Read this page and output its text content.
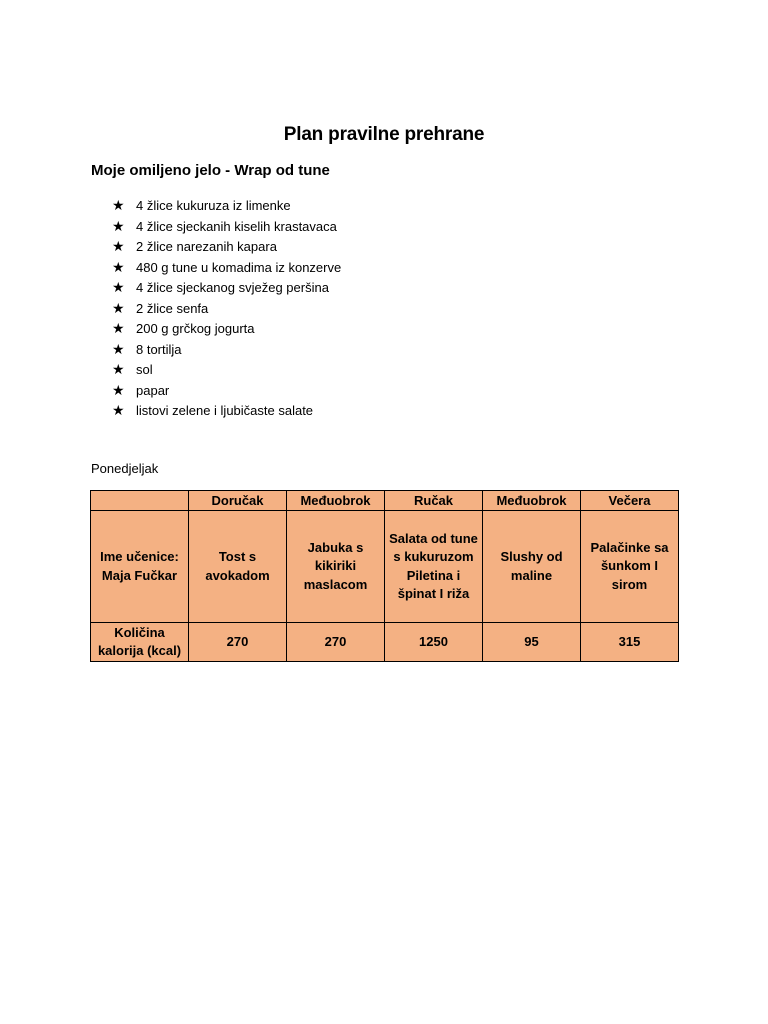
Plan pravilne prehrane
Moje omiljeno jelo - Wrap od tune
★ 4 žlice kukuruza iz limenke
★ 4 žlice sjeckanih kiselih krastavaca
★ 2 žlice narezanih kapara
★ 480 g tune u komadima iz konzerve
★ 4 žlice sjeckanog svježeg peršina
★ 2 žlice senfa
★ 200 g grčkog jogurta
★ 8 tortilja
★ sol
★ papar
★ listovi zelene i ljubičaste salate
Ponedjeljak
	Doručak	Međuobrok	Ručak	Međuobrok	Večera
Ime učenice: Maja Fučkar	Tost s avokadom	Jabuka s kikiriki maslacom	Salata od tune s kukuruzom Piletina i špinat I riža	Slushy od maline	Palačinke sa šunkom I sirom
Količina kalorija (kcal)	270	270	1250	95	315
